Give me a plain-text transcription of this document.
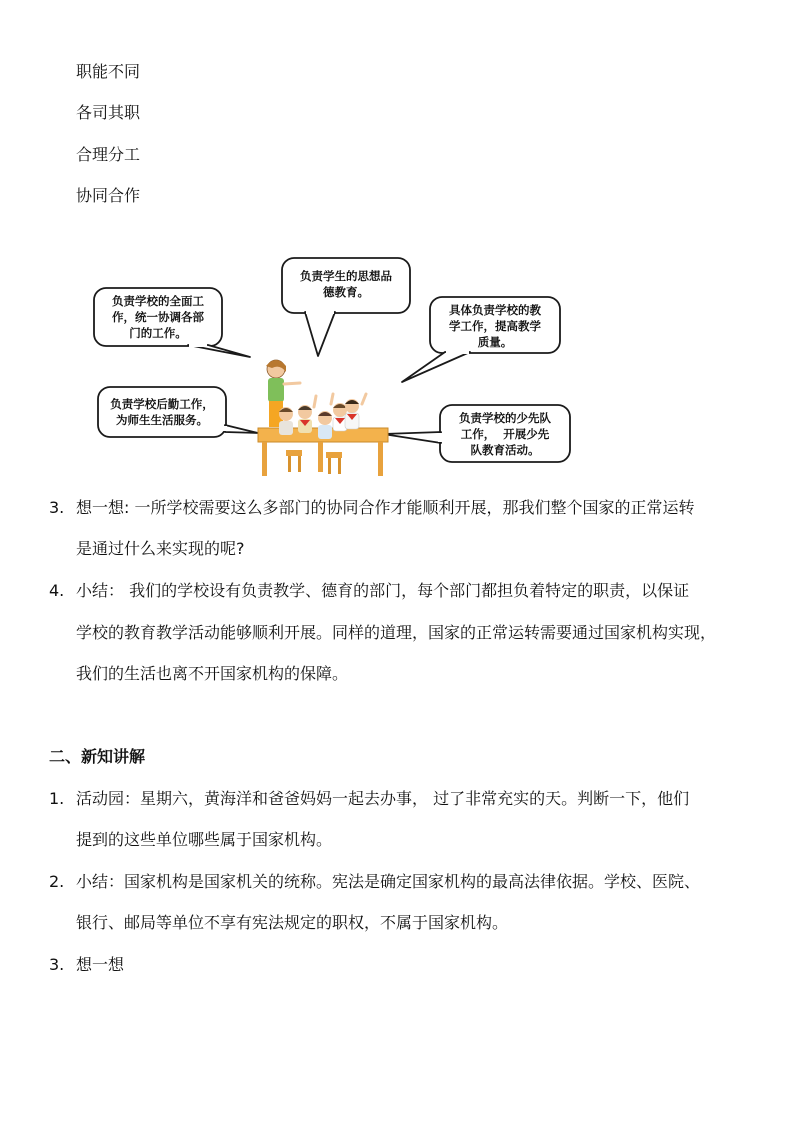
职能不同
各司其职
合理分工
协同合作
负责学校的全面工
作，统一协调各部
门的工作。
负责学生的思想品
德教育。
具体负责学校的教
学工作，提高教学
质量。
负责学校后勤工作，
为师生生活服务。	负责学校的少先队
工作，  开展少先
队教育活动。
3. 想一想: 一所学校需要这么多部门的协同合作才能顺利开展，那我们整个国家的正常运转
是通过什么来实现的呢?
4. 小结： 我们的学校设有负责教学、德育的部门，每个部门都担负着特定的职责，以保证
学校的教育教学活动能够顺利开展。同样的道理，国家的正常运转需要通过国家机构实现，
我们的生活也离不开国家机构的保障。
二、新知讲解
1. 活动园：星期六，黄海洋和爸爸妈妈一起去办事， 过了非常充实的天。判断一下，他们
提到的这些单位哪些属于国家机构。
2. 小结：国家机构是国家机关的统称。宪法是确定国家机构的最高法律依据。学校、医院、
银行、邮局等单位不享有宪法规定的职权，不属于国家机构。
3. 想一想
